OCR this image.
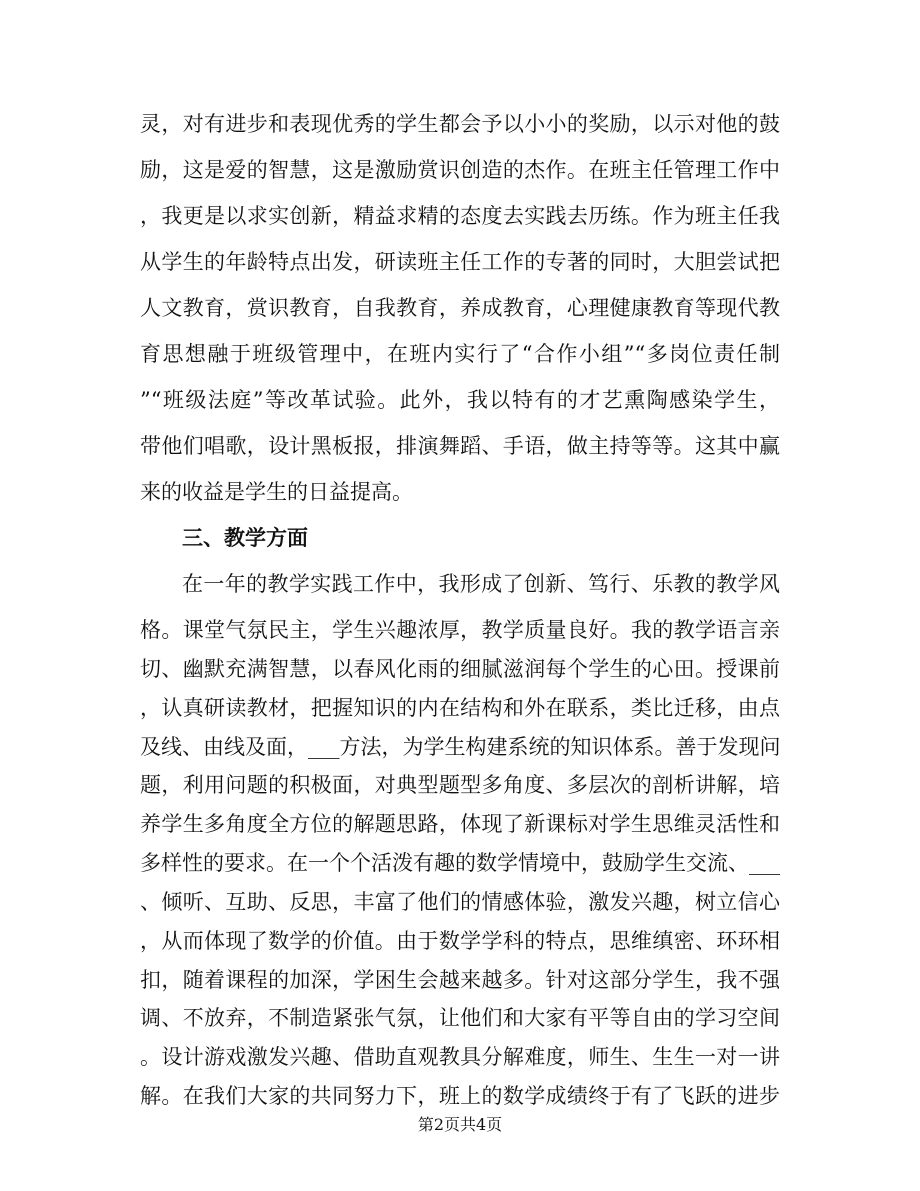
灵，对有进步和表现优秀的学生都会予以小小的奖励，以示对他的鼓
励，这是爱的智慧，这是激励赏识创造的杰作。在班主任管理工作中
，我更是以求实创新，精益求精的态度去实践去历练。作为班主任我
从学生的年龄特点出发，研读班主任工作的专著的同时，大胆尝试把
人文教育，赏识教育，自我教育，养成教育，心理健康教育等现代教
育思想融于班级管理中，在班内实行了“合作小组”“多岗位责任制
”“班级法庭”等改革试验。此外，我以特有的才艺熏陶感染学生，
带他们唱歌，设计黑板报，排演舞蹈、手语，做主持等等。这其中赢
来的收益是学生的日益提高。
三、教学方面
在一年的教学实践工作中，我形成了创新、笃行、乐教的教学风
格。课堂气氛民主，学生兴趣浓厚，教学质量良好。我的教学语言亲
切、幽默充满智慧，以春风化雨的细腻滋润每个学生的心田。授课前
，认真研读教材，把握知识的内在结构和外在联系，类比迁移，由点
及线、由线及面，___方法，为学生构建系统的知识体系。善于发现问
题，利用问题的积极面，对典型题型多角度、多层次的剖析讲解，培
养学生多角度全方位的解题思路，体现了新课标对学生思维灵活性和
多样性的要求。在一个个活泼有趣的数学情境中，鼓励学生交流、___
、倾听、互助、反思，丰富了他们的情感体验，激发兴趣，树立信心
，从而体现了数学的价值。由于数学学科的特点，思维缜密、环环相
扣，随着课程的加深，学困生会越来越多。针对这部分学生，我不强
调、不放弃，不制造紧张气氛，让他们和大家有平等自由的学习空间
。设计游戏激发兴趣、借助直观教具分解难度，师生、生生一对一讲
解。在我们大家的共同努力下，班上的数学成绩终于有了飞跃的进步
第2页共4页
